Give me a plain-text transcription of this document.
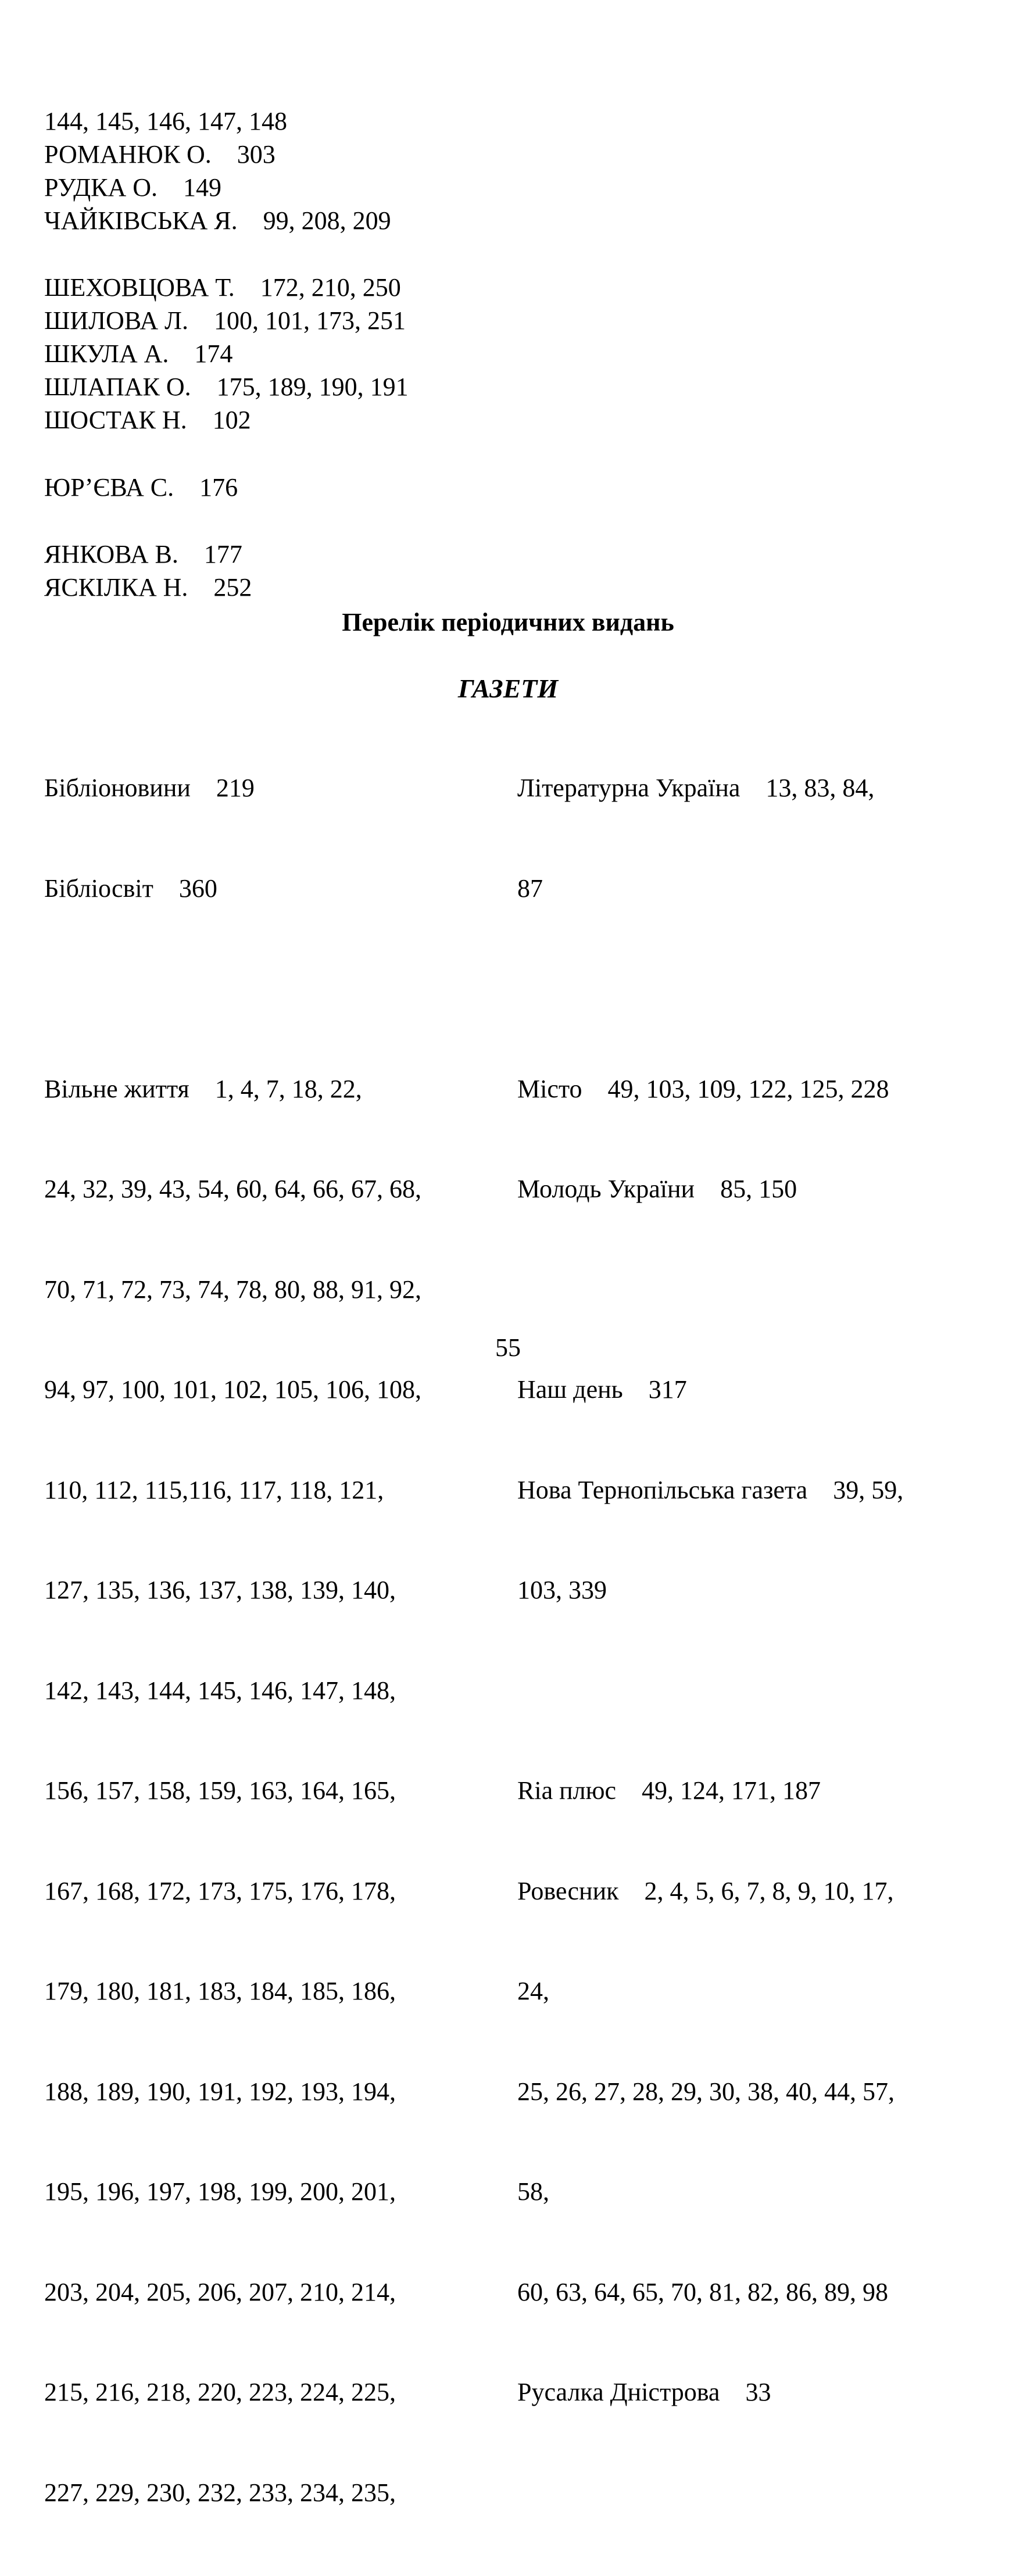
144, 145, 146, 147, 148
РОМАНЮК О.    303
РУДКА О.    149
ЧАЙКІВСЬКА Я.    99, 208, 209
ШЕХОВЦОВА Т.    172, 210, 250
ШИЛОВА Л.    100, 101, 173, 251
ШКУЛА А.    174
ШЛАПАК О.    175, 189, 190, 191
ШОСТАК Н.    102
ЮР’ЄВА С.    176
ЯНКОВА В.    177
ЯСКІЛКА Н.    252
Перелік періодичних видань
ГАЗЕТИ

Бібліоновини    219

Бібліосвіт    360

Вільне життя    1, 4, 7, 18, 22,

24, 32, 39, 43, 54, 60, 64, 66, 67, 68,

70, 71, 72, 73, 74, 78, 80, 88, 91, 92,

94, 97, 100, 101, 102, 105, 106, 108,

110, 112, 115,116, 117, 118, 121,

127, 135, 136, 137, 138, 139, 140,

142, 143, 144, 145, 146, 147, 148,

156, 157, 158, 159, 163, 164, 165,

167, 168, 172, 173, 175, 176, 178,

179, 180, 181, 183, 184, 185, 186,

188, 189, 190, 191, 192, 193, 194,

195, 196, 197, 198, 199, 200, 201,

203, 204, 205, 206, 207, 210, 214,

215, 216, 218, 220, 223, 224, 225,

227, 229, 230, 232, 233, 234, 235,

Літературна Україна    13, 83, 84,

87

Місто    49, 103, 109, 122, 125, 228

Молодь України    85, 150

Наш день    317

Нова Тернопільська газета    39, 59,

103, 339

Ria плюс    49, 124, 171, 187

Ровесник    2, 4, 5, 6, 7, 8, 9, 10, 17,

24,

25, 26, 27, 28, 29, 30, 38, 40, 44, 57,

58,

60, 63, 64, 65, 70, 81, 82, 86, 89, 98

Русалка Дністрова    33

55
